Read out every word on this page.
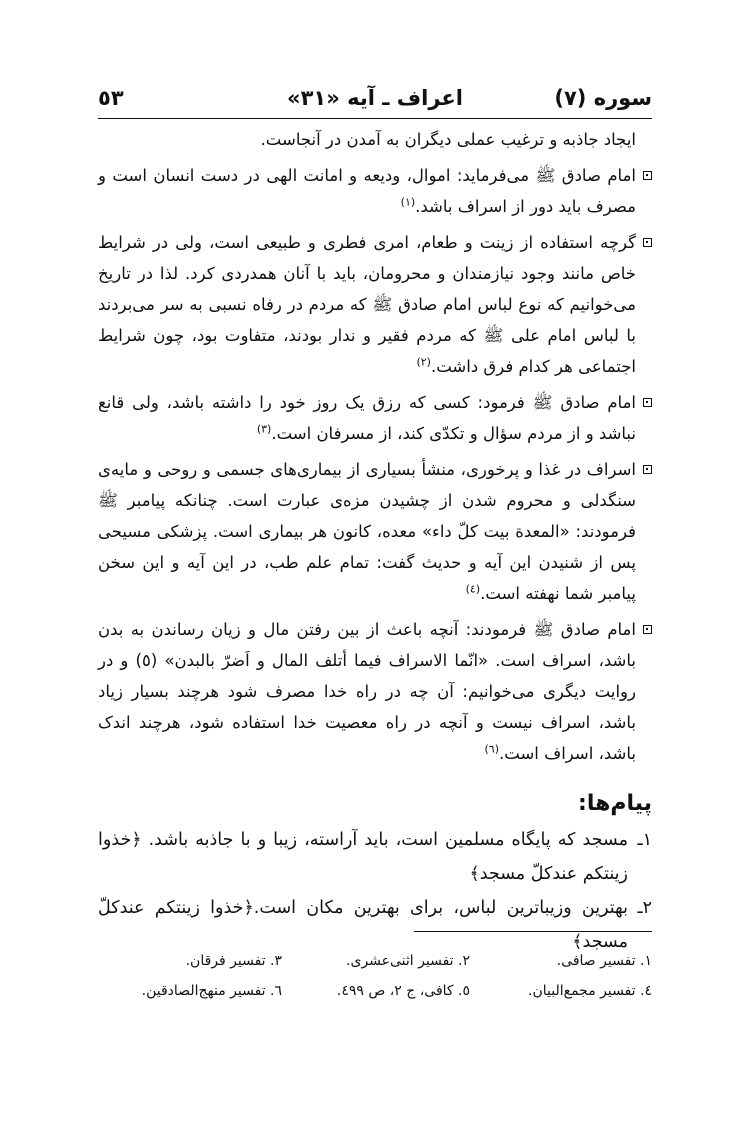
سوره (٧)
اعراف ـ آیه «٣١»
٥٣

ایجاد جاذبه و ترغیب عملی دیگران به آمدن در آنجاست.

امام صادق ﷺ می‌فرماید: اموال، ودیعه و امانت الهی در دست انسان است و مصرف باید دور از اسراف باشد.$^{(١)}$

گرچه استفاده از زینت و طعام، امری فطری و طبیعی است، ولی در شرایط خاص مانند وجود نیازمندان و محرومان، باید با آنان همدردی کرد. لذا در تاریخ می‌خوانیم که نوع لباس امام صادق ﷺ که مردم در رفاه نسبی به سر می‌بردند با لباس امام علی ﷺ که مردم فقیر و ندار بودند، متفاوت بود، چون شرایط اجتماعی هر کدام فرق داشت.$^{(٢)}$

امام صادق ﷺ فرمود: کسی که رزق یک روز خود را داشته باشد، ولی قانع نباشد و از مردم سؤال و تکدّی کند، از مسرفان است.$^{(٣)}$

اسراف در غذا و پرخوری، منشأ بسیاری از بیماری‌های جسمی و روحی و مایه‌ی سنگدلی و محروم شدن از چشیدن مزه‌ی عبارت است. چنانکه پیامبر ﷺ فرمودند: «المعدة بیت کلّ داء» معده، کانون هر بیماری است. پزشکی مسیحی پس از شنیدن این آیه و حدیث گفت: تمام علم طب، در این آیه و این سخن پیامبر شما نهفته است.$^{(٤)}$

امام صادق ﷺ فرمودند: آنچه باعث از بین رفتن مال و زیان رساندن به بدن باشد، اسراف است. «انّما الاسراف فیما أتلف المال و اَضرّ بالبدن» (٥) و در روایت دیگری می‌خوانیم: آن چه در راه خدا مصرف شود هرچند بسیار زیاد باشد، اسراف نیست و آنچه در راه معصیت خدا استفاده شود، هرچند اندک باشد، اسراف است.$^{(٦)}$

پیام‌ها:

١ـ
مسجد که پایگاه مسلمین است، باید آراسته، زیبا و با جاذبه باشد. ﴿خذوا زینتکم عندکلّ مسجد﴾

٢ـ
بهترین وزیباترین لباس، برای بهترین مکان است.﴿خذوا زینتکم عندکلّ مسجد﴾

١. تفسیر صافی.
٢. تفسیر اثنی‌عشری.
٣. تفسیر فرقان.
٤. تفسیر مجمع‌البیان.
٥. کافی، ج ٢، ص ٤٩٩.
٦. تفسیر منهج‌الصادقین.
